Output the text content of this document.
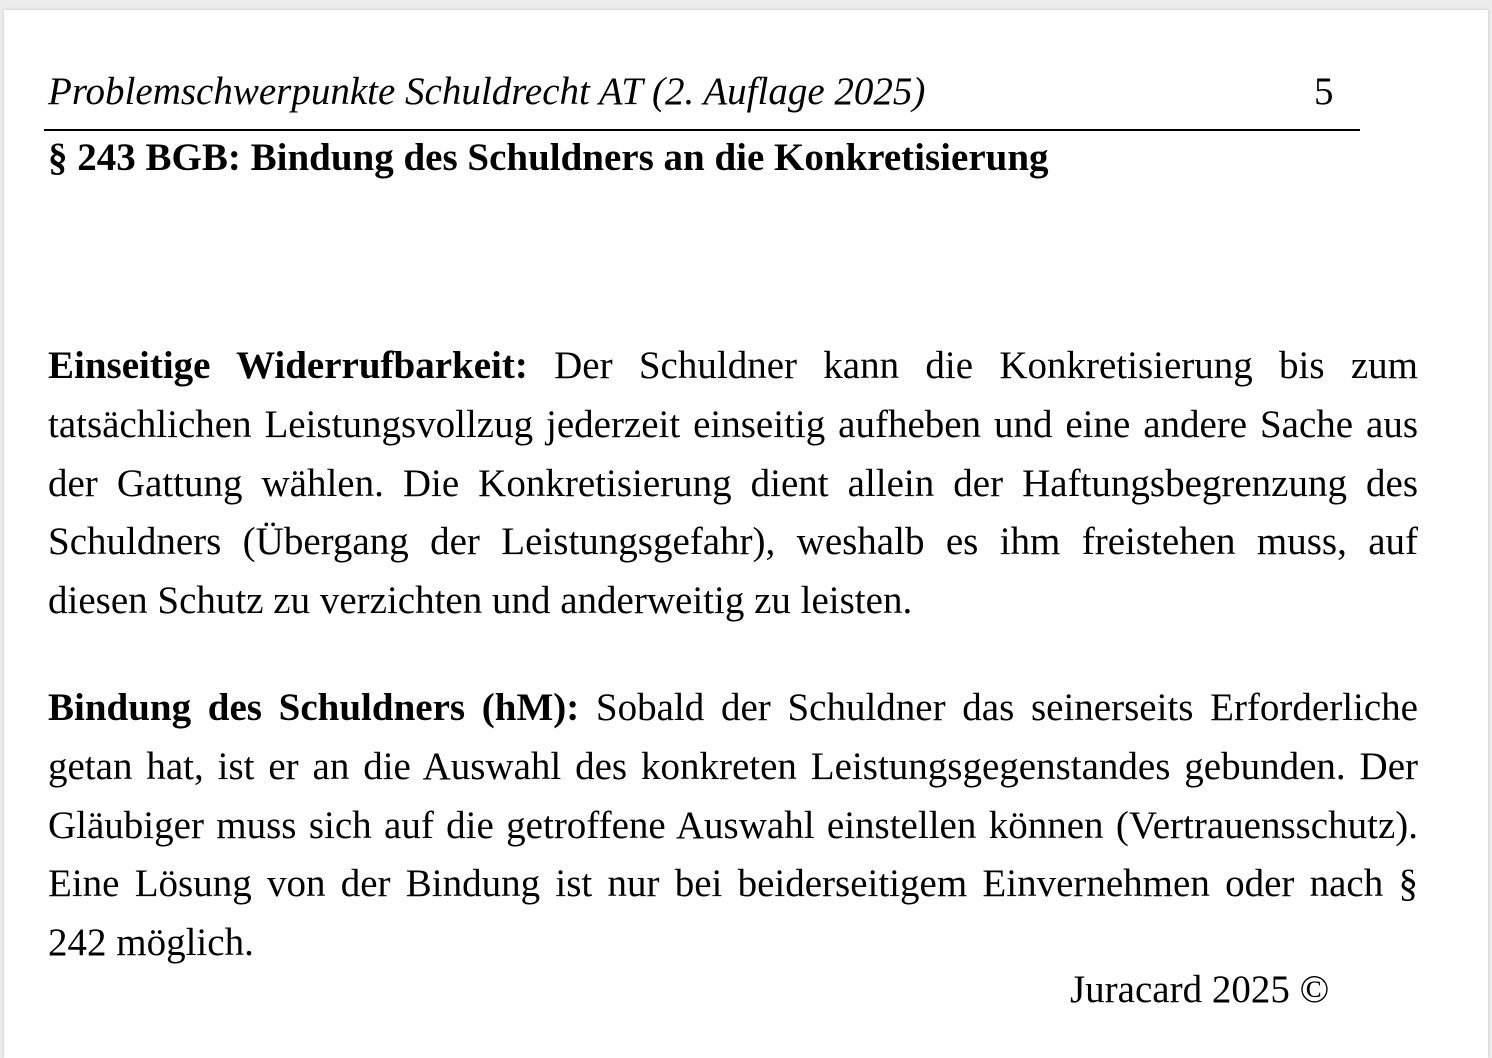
Problemschwerpunkte Schuldrecht AT (2. Auflage 2025)	5
§ 243 BGB: Bindung des Schuldners an die Konkretisierung
Einseitige Widerrufbarkeit: Der Schuldner kann die Konkretisierung bis zum tatsächlichen Leistungsvollzug jederzeit einseitig aufheben und eine andere Sache aus der Gattung wählen. Die Konkretisierung dient allein der Haftungsbegrenzung des Schuldners (Übergang der Leistungsgefahr), weshalb es ihm freistehen muss, auf diesen Schutz zu verzichten und anderweitig zu leisten.
Bindung des Schuldners (hM): Sobald der Schuldner das seinerseits Erforderliche getan hat, ist er an die Auswahl des konkreten Leistungsgegenstandes gebunden. Der Gläubiger muss sich auf die getroffene Auswahl einstellen können (Vertrauensschutz). Eine Lösung von der Bindung ist nur bei beiderseitigem Einvernehmen oder nach § 242 möglich.
Juracard 2025 ©
